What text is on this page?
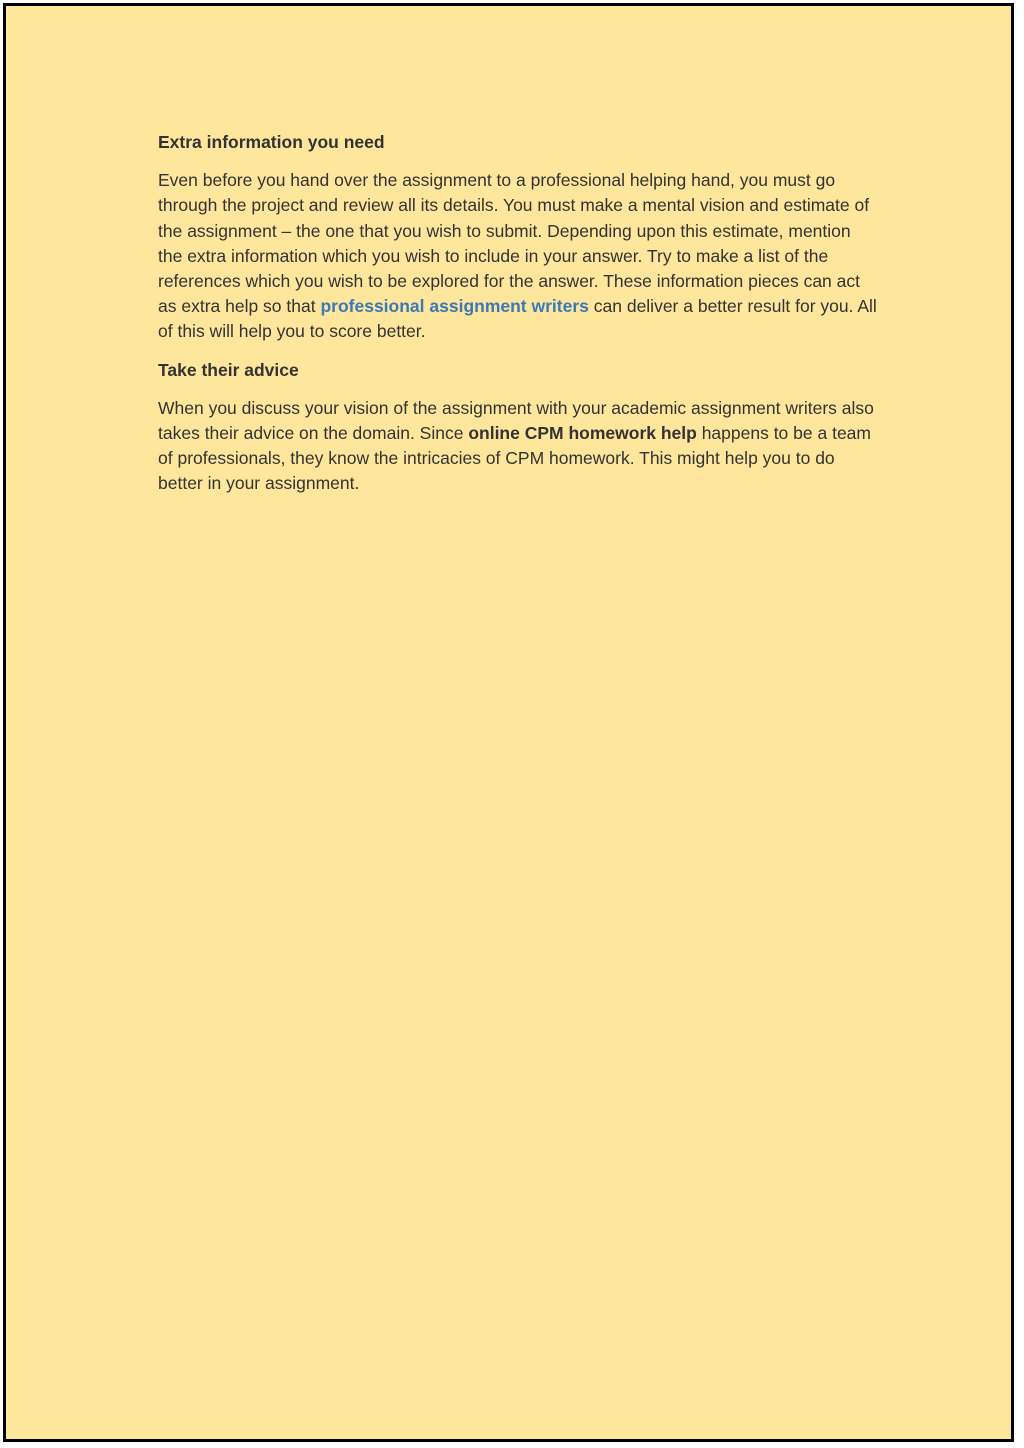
Extra information you need

Even before you hand over the assignment to a professional helping hand, you must go through the project and review all its details. You must make a mental vision and estimate of the assignment – the one that you wish to submit. Depending upon this estimate, mention the extra information which you wish to include in your answer. Try to make a list of the references which you wish to be explored for the answer. These information pieces can act as extra help so that professional assignment writers can deliver a better result for you. All of this will help you to score better.

Take their advice

When you discuss your vision of the assignment with your academic assignment writers also takes their advice on the domain. Since online CPM homework help happens to be a team of professionals, they know the intricacies of CPM homework. This might help you to do better in your assignment.
